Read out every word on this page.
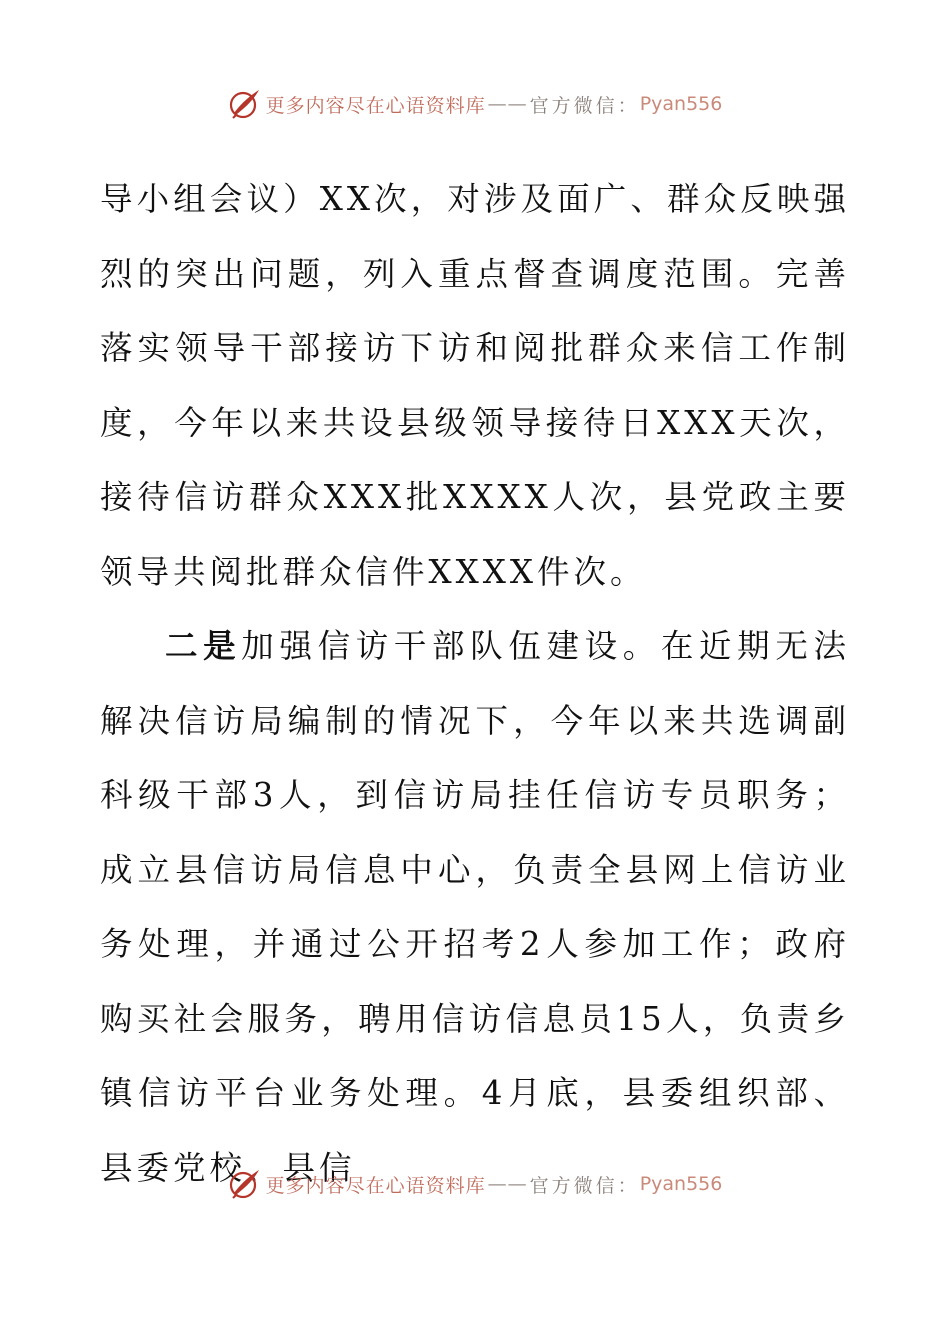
更多内容尽在心语资料库 —— 官方微信： Pyan556

导小组会议）XX次，对涉及面广、群众反映强烈的突出问题，列入重点督查调度范围。完善落实领导干部接访下访和阅批群众来信工作制度，今年以来共设县级领导接待日XXX天次，接待信访群众XXX批XXXX人次，县党政主要领导共阅批群众信件XXXX件次。

二是加强信访干部队伍建设。在近期无法解决信访局编制的情况下，今年以来共选调副科级干部3人，到信访局挂任信访专员职务；成立县信访局信息中心，负责全县网上信访业务处理，并通过公开招考2人参加工作；政府购买社会服务，聘用信访信息员15人，负责乡镇信访平台业务处理。4月底，县委组织部、县委党校、县信

更多内容尽在心语资料库 —— 官方微信： Pyan556
